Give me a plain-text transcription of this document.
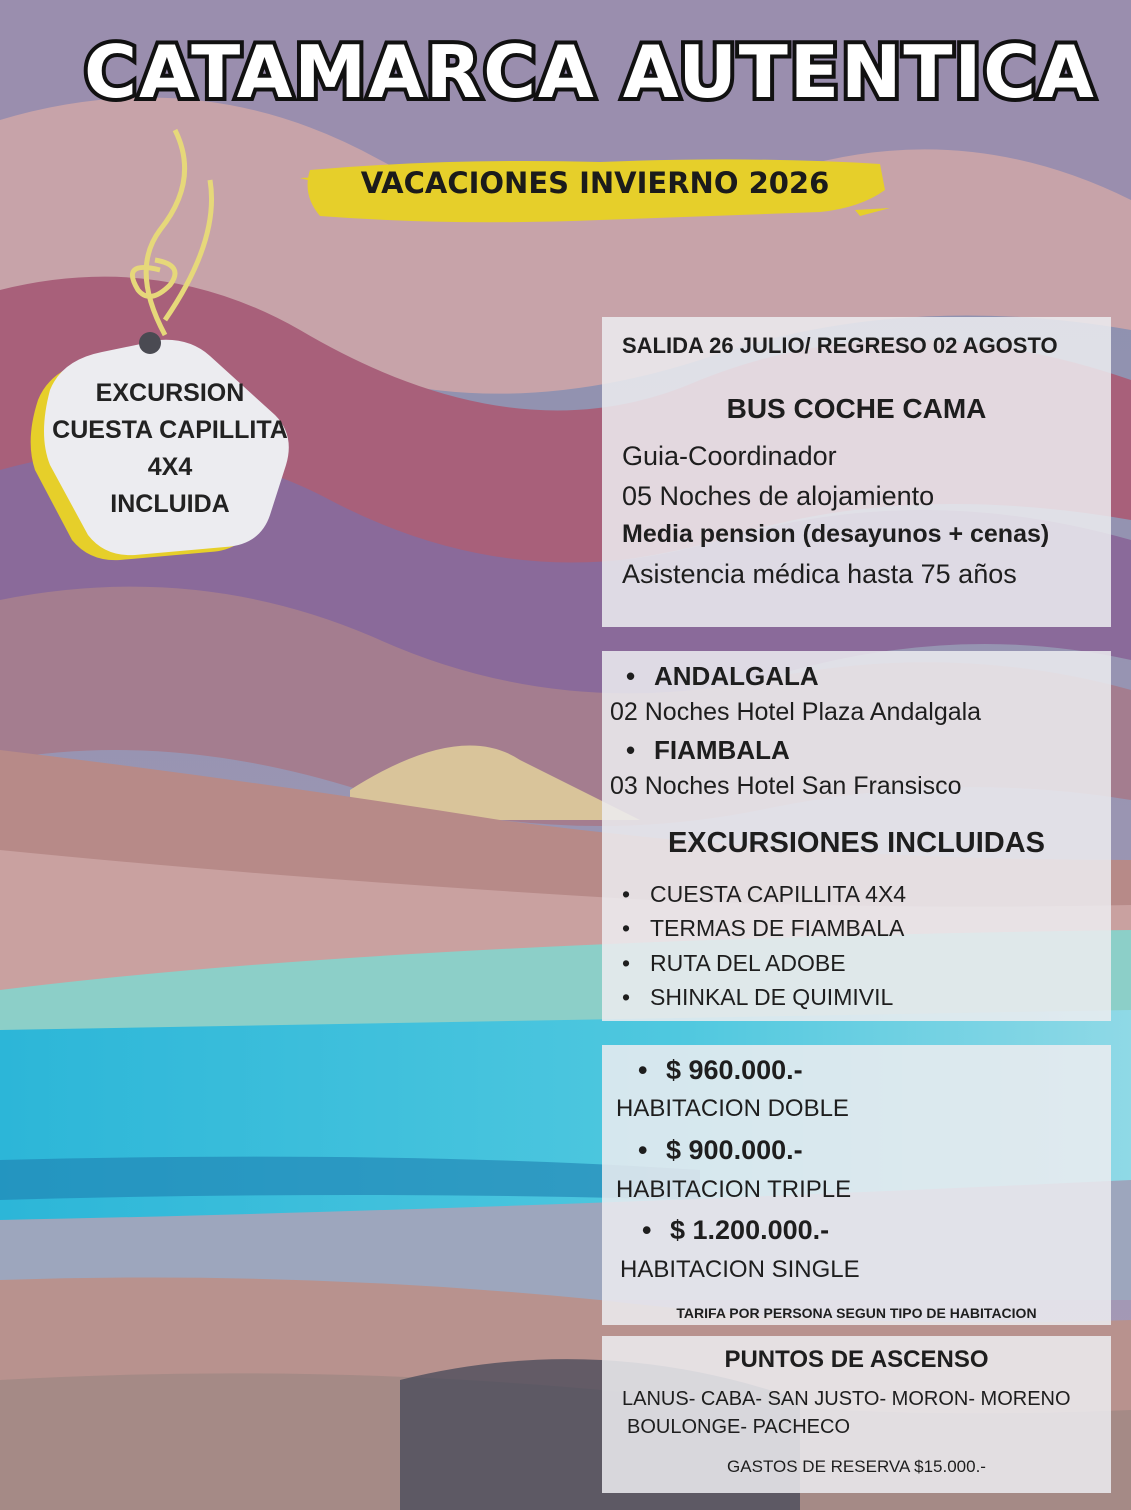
CATAMARCA AUTENTICA
VACACIONES INVIERNO 2026
EXCURSION
CUESTA CAPILLITA
4X4
INCLUIDA
SALIDA 26 JULIO/ REGRESO 02 AGOSTO
BUS COCHE CAMA
Guia-Coordinador
05 Noches de alojamiento
Media pension (desayunos + cenas)
Asistencia médica hasta 75 años
• ANDALGALA
02 Noches Hotel Plaza Andalgala
• FIAMBALA
03 Noches Hotel San Fransisco
EXCURSIONES INCLUIDAS
• CUESTA CAPILLITA 4X4
• TERMAS DE FIAMBALA
• RUTA DEL ADOBE
• SHINKAL DE QUIMIVIL
• $ 960.000.-
HABITACION DOBLE
• $ 900.000.-
HABITACION TRIPLE
• $ 1.200.000.-
HABITACION SINGLE
TARIFA POR PERSONA SEGUN TIPO DE HABITACION
PUNTOS DE ASCENSO
LANUS- CABA- SAN JUSTO- MORON- MORENO
BOULONGE- PACHECO
GASTOS DE RESERVA $15.000.-
